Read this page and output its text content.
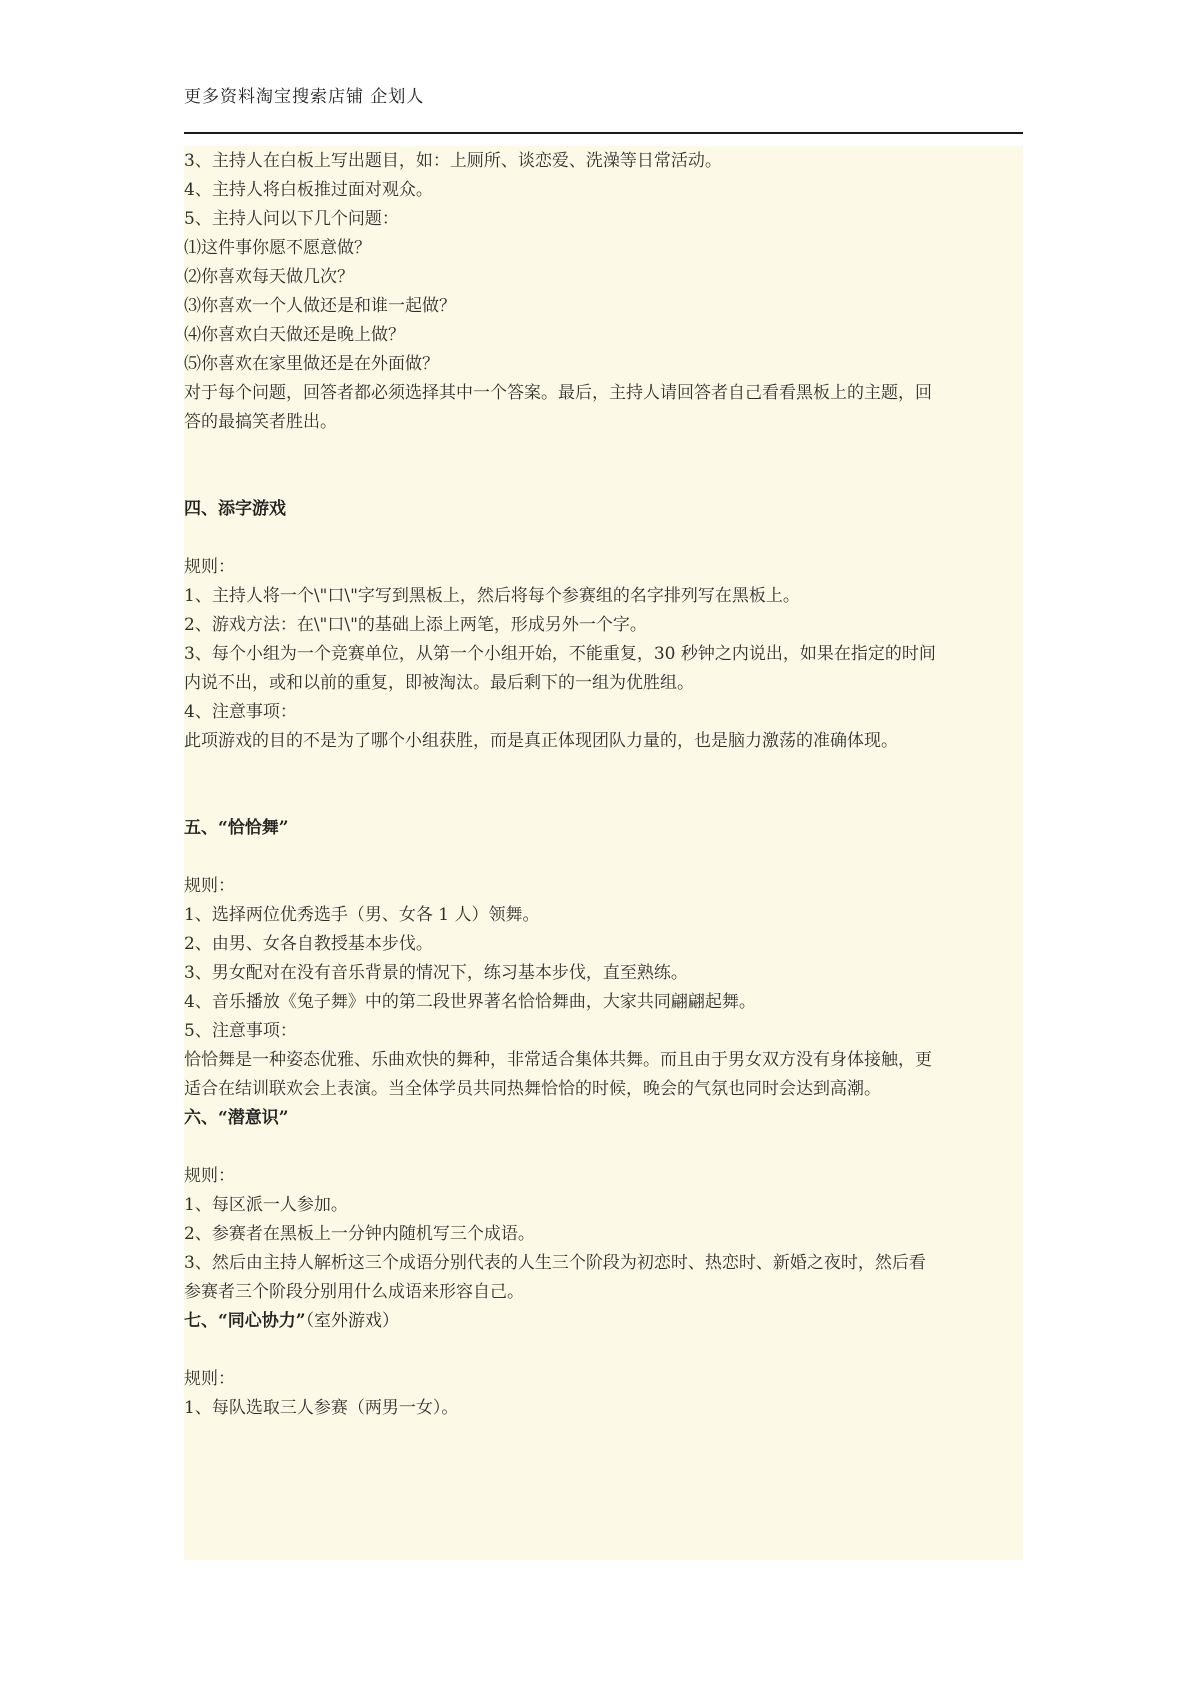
更多资料淘宝搜索店铺 企划人
3、主持人在白板上写出题目，如：上厕所、谈恋爱、洗澡等日常活动。
4、主持人将白板推过面对观众。
5、主持人问以下几个问题：
⑴这件事你愿不愿意做？
⑵你喜欢每天做几次？
⑶你喜欢一个人做还是和谁一起做？
⑷你喜欢白天做还是晚上做？
⑸你喜欢在家里做还是在外面做？
对于每个问题，回答者都必须选择其中一个答案。最后，主持人请回答者自己看看黑板上的主题，回
答的最搞笑者胜出。
四、添字游戏
规则：
1、主持人将一个\"口\"字写到黑板上，然后将每个参赛组的名字排列写在黑板上。
2、游戏方法：在\"口\"的基础上添上两笔，形成另外一个字。
3、每个小组为一个竞赛单位，从第一个小组开始，不能重复，30 秒钟之内说出，如果在指定的时间
内说不出，或和以前的重复，即被淘汰。最后剩下的一组为优胜组。
4、注意事项：
此项游戏的目的不是为了哪个小组获胜，而是真正体现团队力量的，也是脑力激荡的准确体现。
五、“恰恰舞”
规则：
1、选择两位优秀选手（男、女各 1 人）领舞。
2、由男、女各自教授基本步伐。
3、男女配对在没有音乐背景的情况下，练习基本步伐，直至熟练。
4、音乐播放《兔子舞》中的第二段世界著名恰恰舞曲，大家共同翩翩起舞。
5、注意事项：
恰恰舞是一种姿态优雅、乐曲欢快的舞种，非常适合集体共舞。而且由于男女双方没有身体接触，更
适合在结训联欢会上表演。当全体学员共同热舞恰恰的时候，晚会的气氛也同时会达到高潮。
六、“潜意识”
规则：
1、每区派一人参加。
2、参赛者在黑板上一分钟内随机写三个成语。
3、然后由主持人解析这三个成语分别代表的人生三个阶段为初恋时、热恋时、新婚之夜时，然后看
参赛者三个阶段分别用什么成语来形容自己。
七、“同心协力”（室外游戏）
规则：
1、每队选取三人参赛（两男一女）。
